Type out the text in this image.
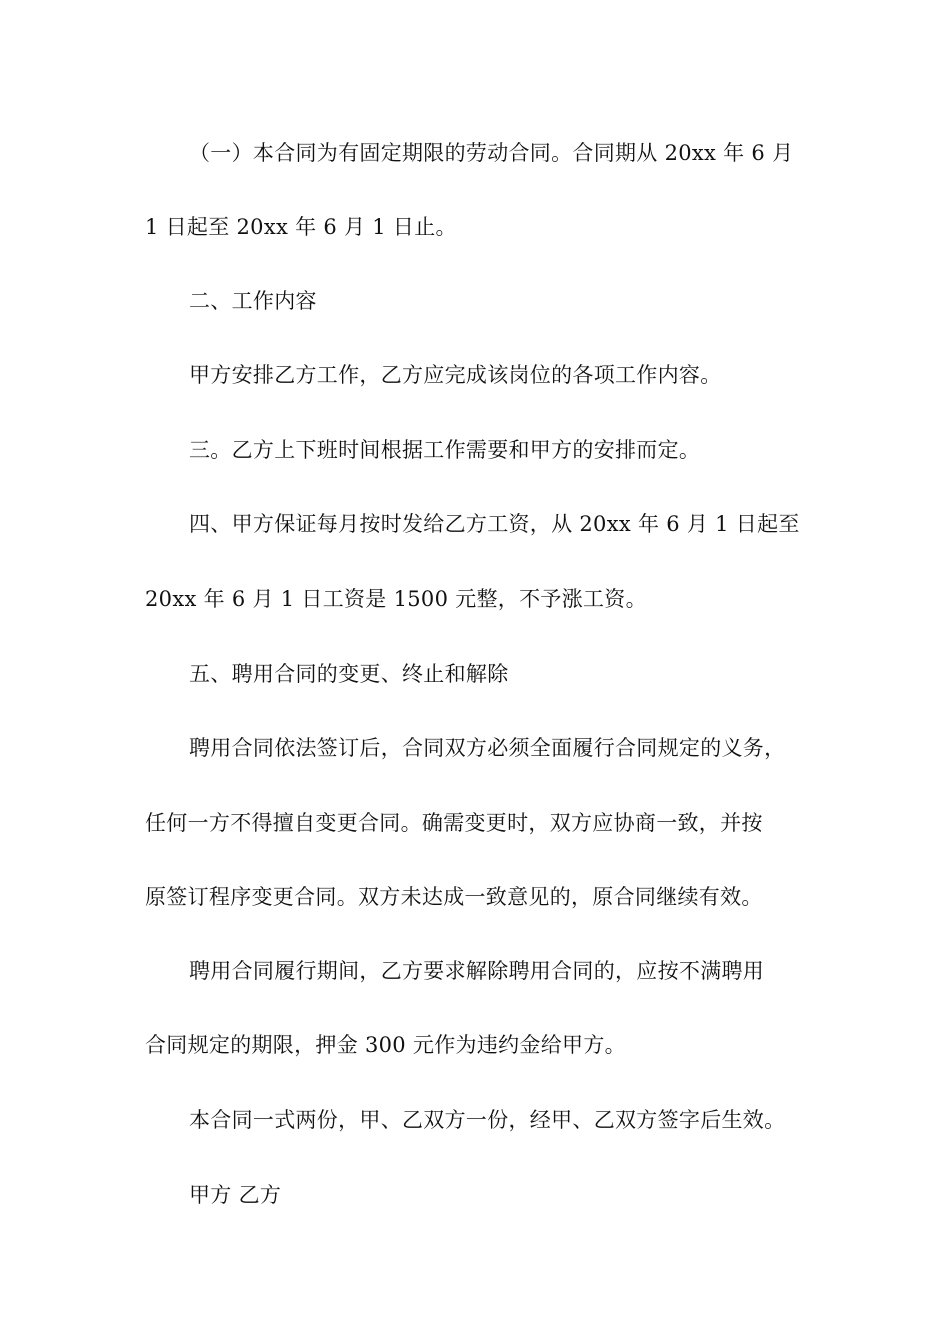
（一）本合同为有固定期限的劳动合同。合同期从 20xx 年 6 月
1 日起至 20xx 年 6 月 1 日止。
二、工作内容
甲方安排乙方工作，乙方应完成该岗位的各项工作内容。
三。乙方上下班时间根据工作需要和甲方的安排而定。
四、甲方保证每月按时发给乙方工资，从 20xx 年 6 月 1 日起至
20xx 年 6 月 1 日工资是 1500 元整，不予涨工资。
五、聘用合同的变更、终止和解除
聘用合同依法签订后，合同双方必须全面履行合同规定的义务，
任何一方不得擅自变更合同。确需变更时，双方应协商一致，并按
原签订程序变更合同。双方未达成一致意见的，原合同继续有效。
聘用合同履行期间，乙方要求解除聘用合同的，应按不满聘用
合同规定的期限，押金 300 元作为违约金给甲方。
本合同一式两份，甲、乙双方一份，经甲、乙双方签字后生效。
甲方 乙方
